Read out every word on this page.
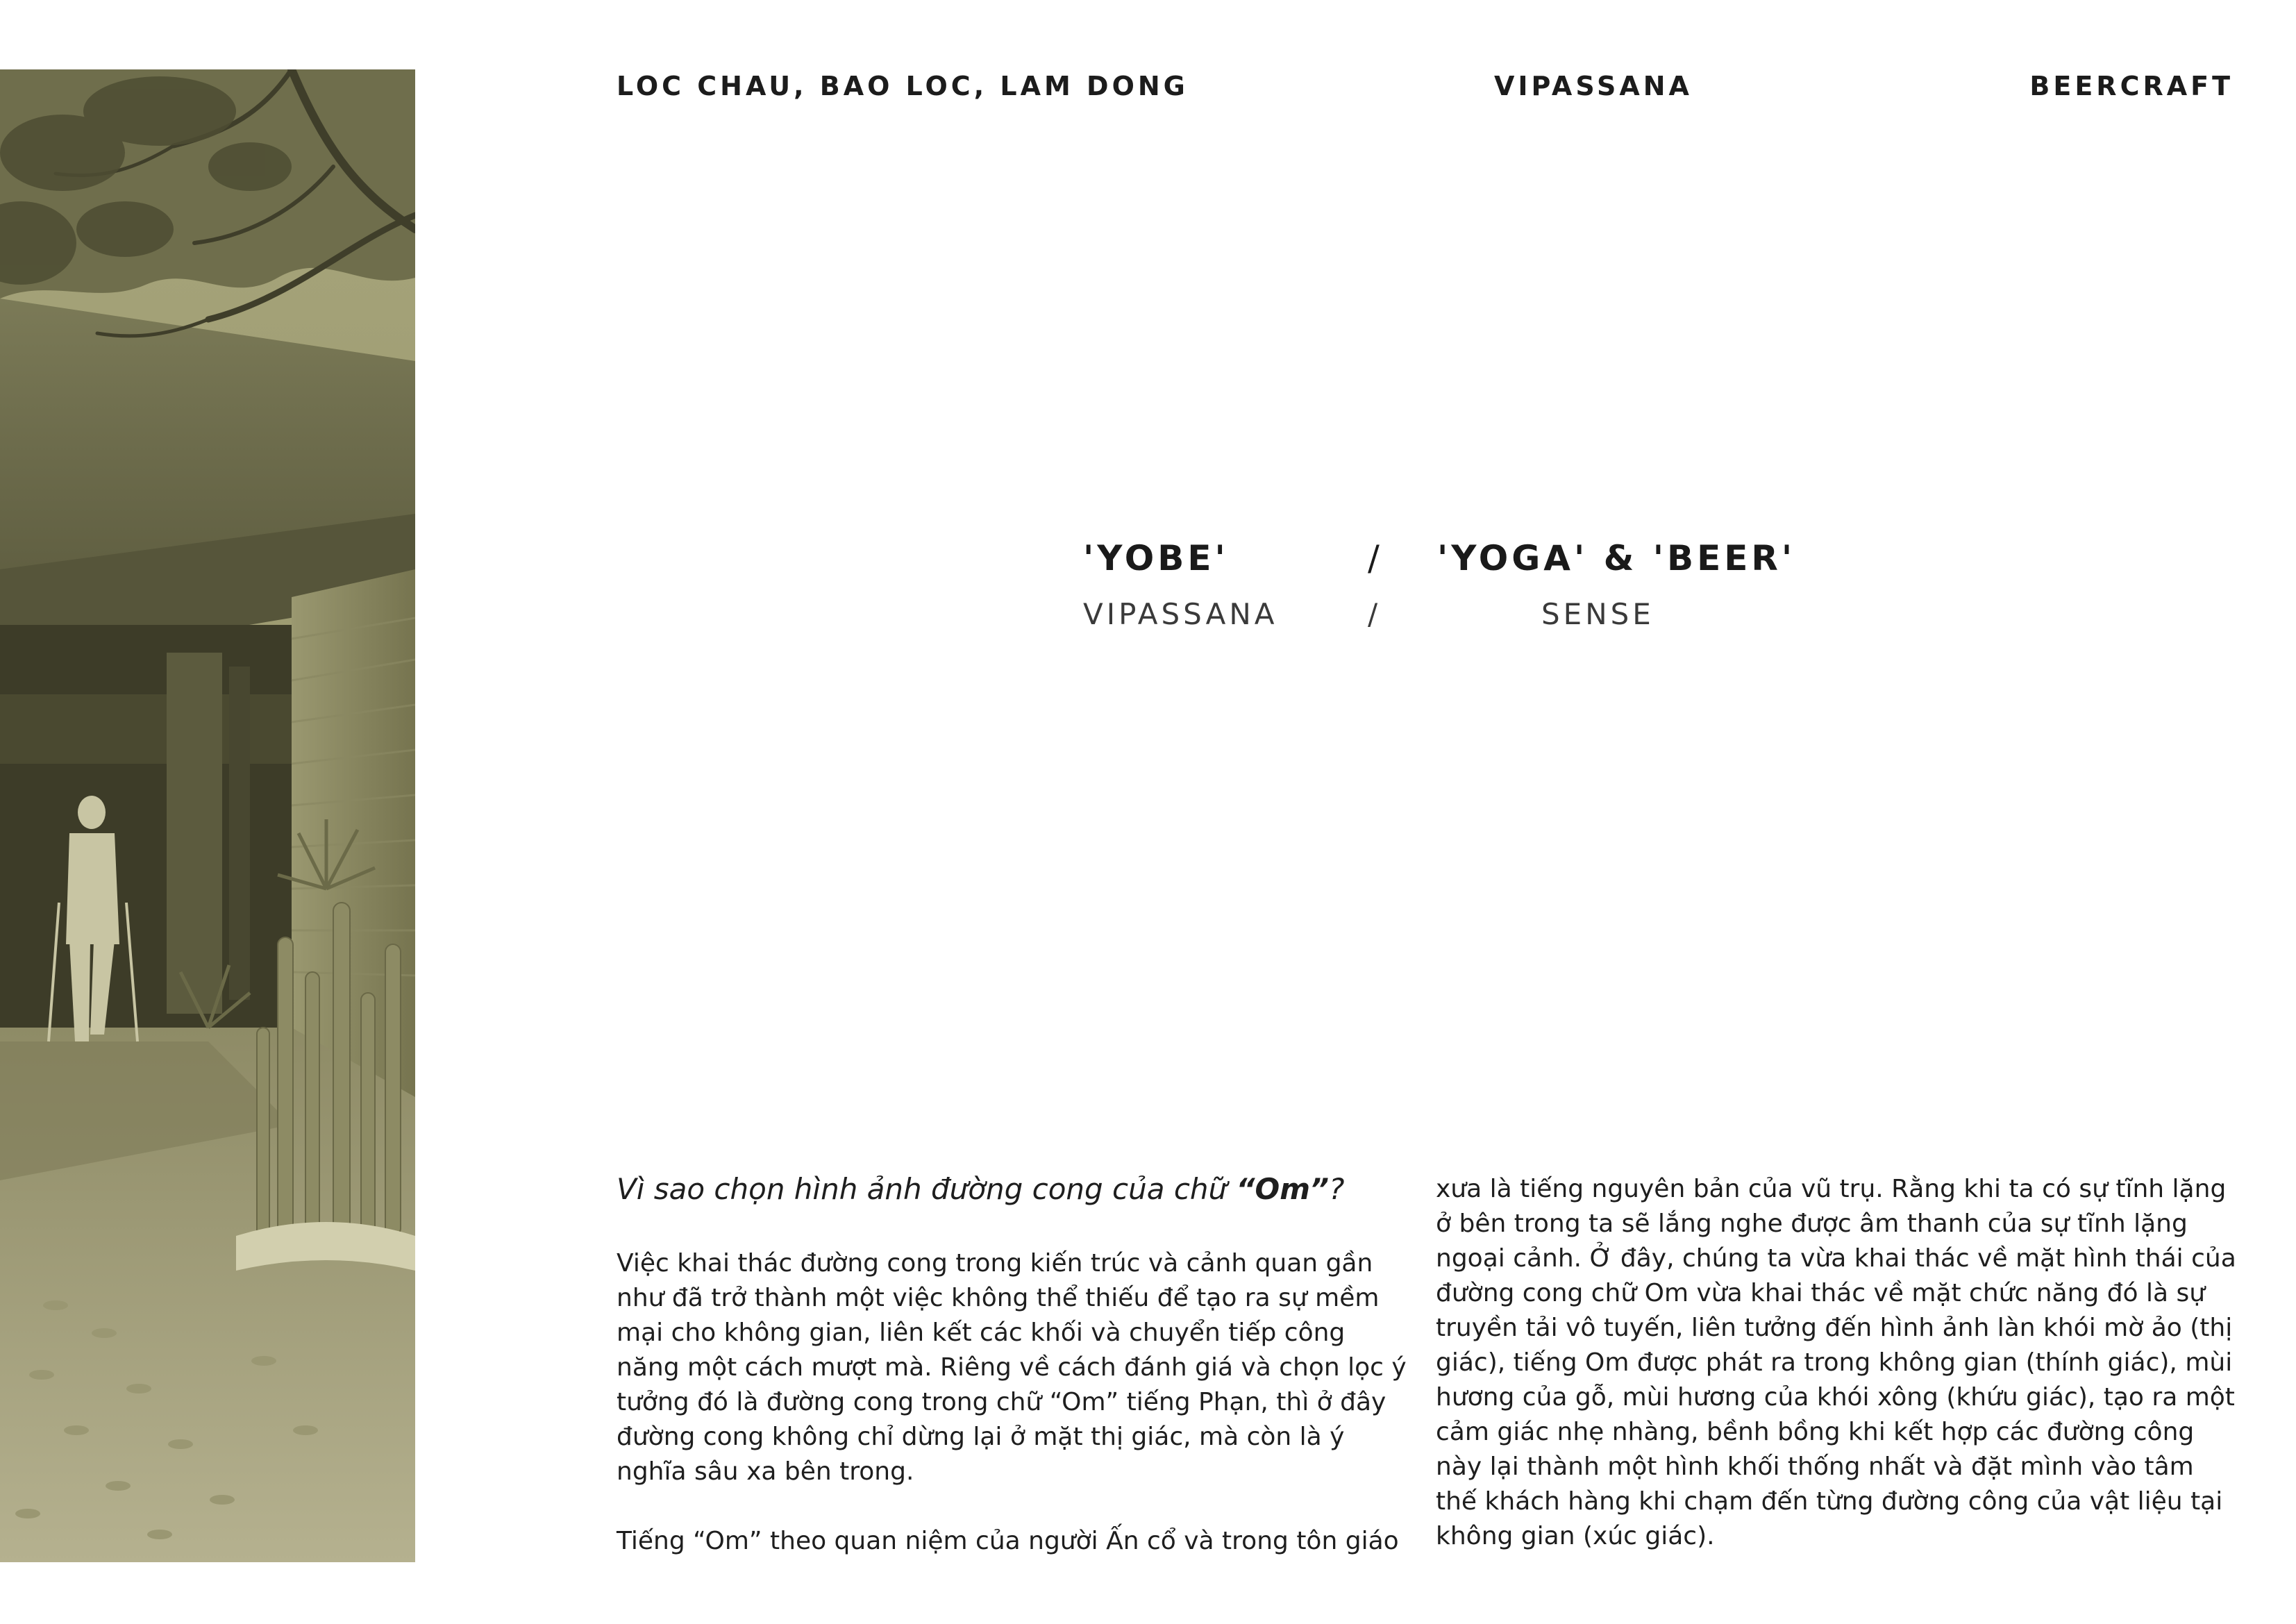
LOC CHAU, BAO LOC, LAM DONG	VIPASSANA	BEERCRAFT
'YOBE'	/ 'YOGA' & 'BEER'
VIPASSANA	/	SENSE
Vì sao chọn hình ảnh đường cong của chữ “Om”?

Việc khai thác đường cong trong kiến trúc và cảnh quan gần như đã trở thành một việc không thể thiếu để tạo ra sự mềm mại cho không gian, liên kết các khối và chuyển tiếp công năng một cách mượt mà. Riêng về cách đánh giá và chọn lọc ý tưởng đó là đường cong trong chữ “Om” tiếng Phạn, thì ở đây đường cong không chỉ dừng lại ở mặt thị giác, mà còn là ý nghĩa sâu xa bên trong.

Tiếng “Om” theo quan niệm của người Ấn cổ và trong tôn giáo

xưa là tiếng nguyên bản của vũ trụ. Rằng khi ta có sự tĩnh lặng ở bên trong ta sẽ lắng nghe được âm thanh của sự tĩnh lặng ngoại cảnh. Ở đây, chúng ta vừa khai thác về mặt hình thái của đường cong chữ Om vừa khai thác về mặt chức năng đó là sự truyền tải vô tuyến, liên tưởng đến hình ảnh làn khói mờ ảo (thị giác), tiếng Om được phát ra trong không gian (thính giác), mùi hương của gỗ, mùi hương của khói xông (khứu giác), tạo ra một cảm giác nhẹ nhàng, bềnh bồng khi kết hợp các đường công này lại thành một hình khối thống nhất và đặt mình vào tâm thế khách hàng khi chạm đến từng đường công của vật liệu tại không gian (xúc giác).
